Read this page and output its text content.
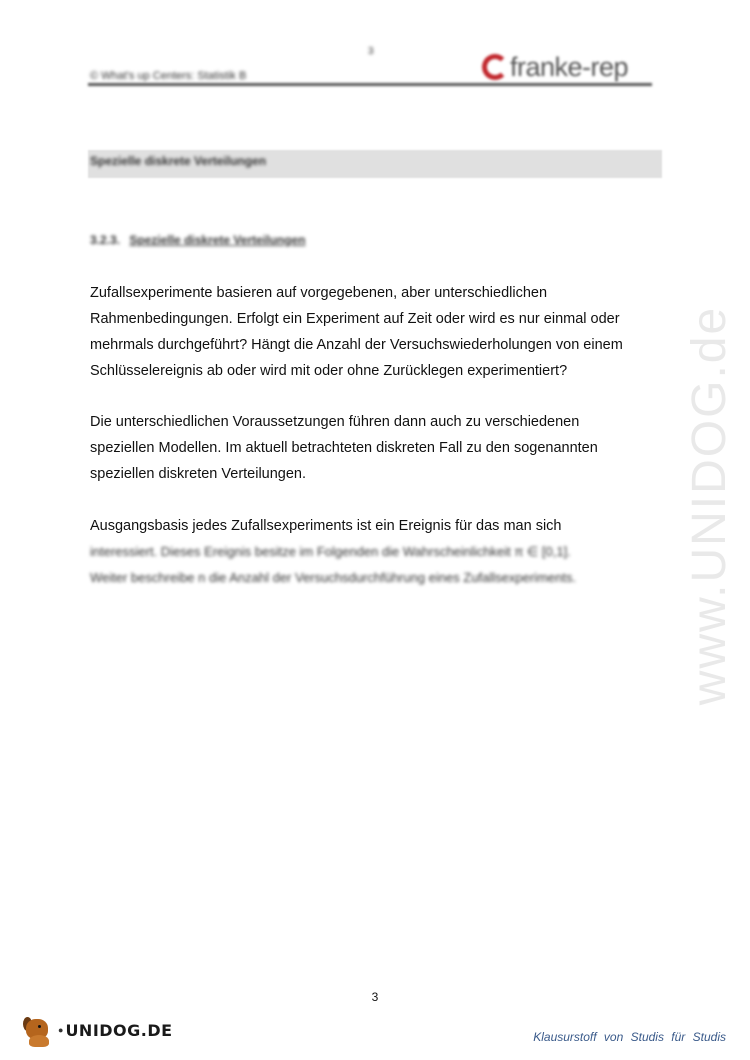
3
© What's up Centers: Statistik B	franke-rep
Spezielle diskrete Verteilungen
3.2.3. Spezielle diskrete Verteilungen

Zufallsexperimente basieren auf vorgegebenen, aber unterschiedlichen
Rahmenbedingungen. Erfolgt ein Experiment auf Zeit oder wird es nur einmal oder
mehrmals durchgeführt? Hängt die Anzahl der Versuchswiederholungen von einem
Schlüsselereignis ab oder wird mit oder ohne Zurücklegen experimentiert?

Die unterschiedlichen Voraussetzungen führen dann auch zu verschiedenen
speziellen Modellen. Im aktuell betrachteten diskreten Fall zu den sogenannten
speziellen diskreten Verteilungen.

Ausgangsbasis jedes Zufallsexperiments ist ein Ereignis für das man sich
interessiert. Dieses Ereignis besitze im Folgenden die Wahrscheinlichkeit π ∈ [0,1].
Weiter beschreibe n die Anzahl der Versuchsdurchführung eines Zufallsexperiments.	www.UNIDOG.de
3
● UNIDOG.DE	Klausurstoff von Studis für Studis
